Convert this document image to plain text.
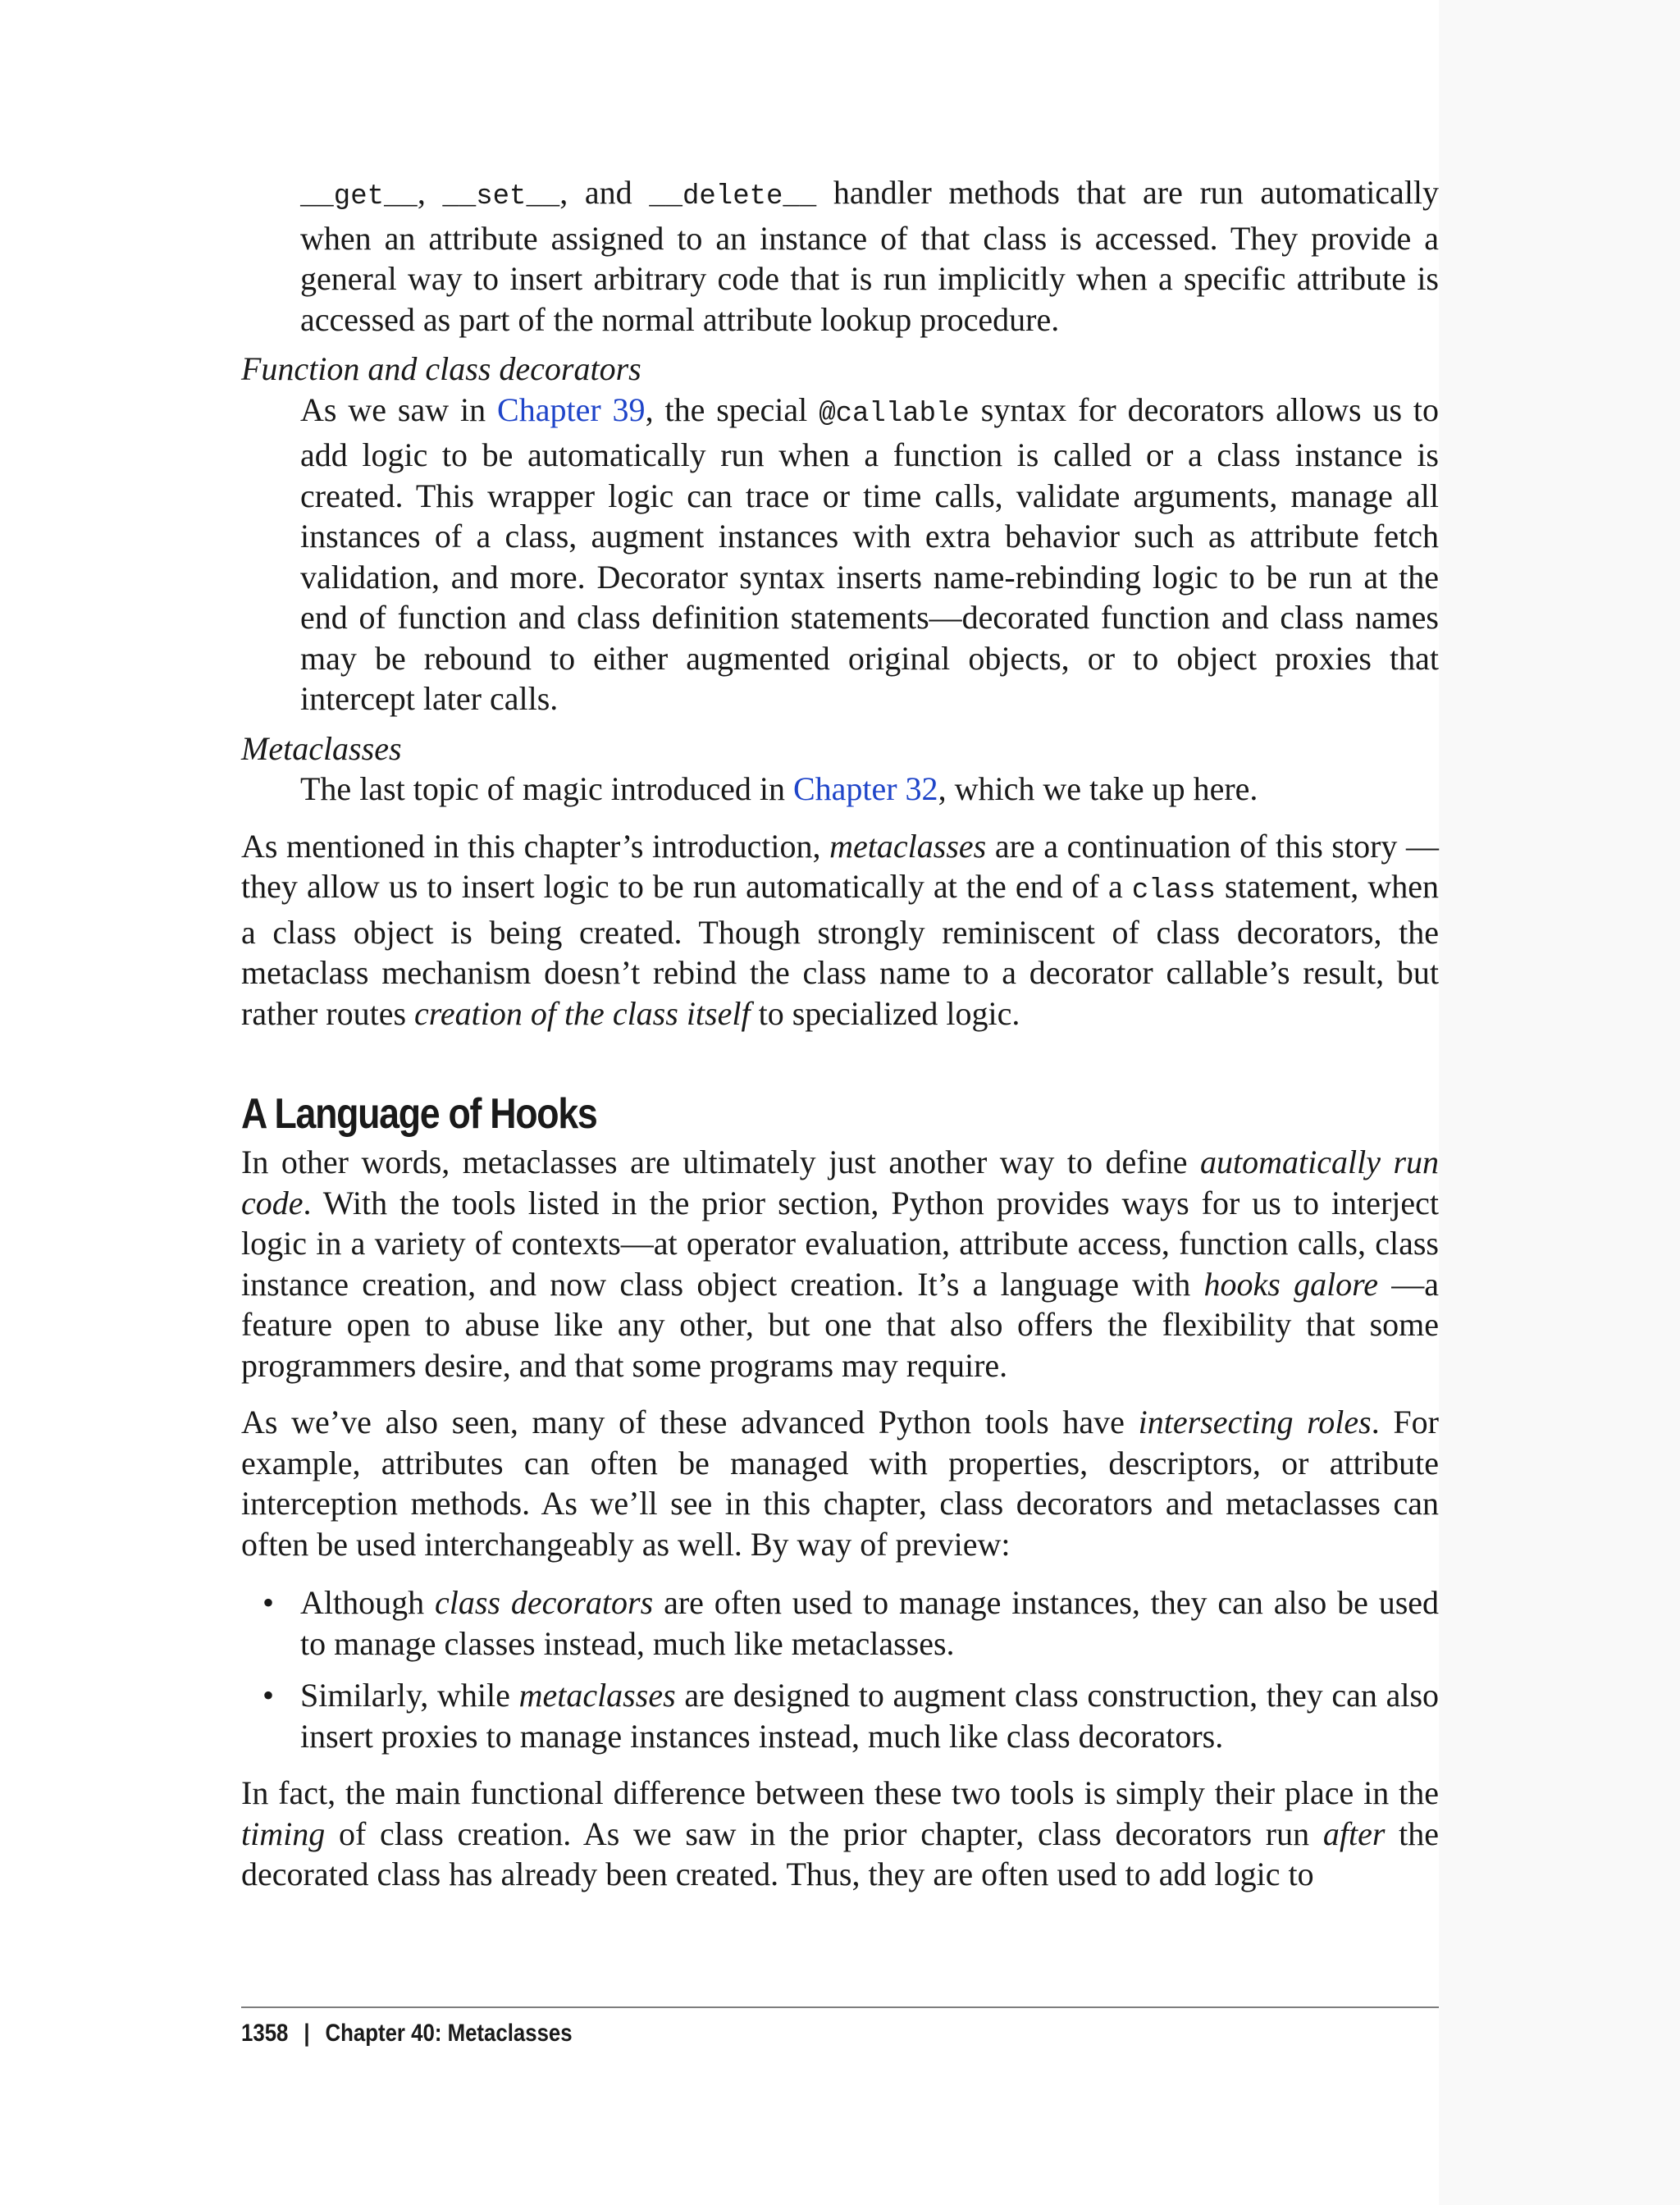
__get__, __set__, and __delete__ handler methods that are run automatically when an attribute assigned to an instance of that class is accessed. They provide a general way to insert arbitrary code that is run implicitly when a specific attribute is accessed as part of the normal attribute lookup procedure.

Function and class decorators

As we saw in Chapter 39, the special @callable syntax for decorators allows us to add logic to be automatically run when a function is called or a class instance is created. This wrapper logic can trace or time calls, validate arguments, manage all instances of a class, augment instances with extra behavior such as attribute fetch validation, and more. Decorator syntax inserts name-rebinding logic to be run at the end of function and class definition statements—decorated function and class names may be rebound to either augmented original objects, or to object proxies that intercept later calls.

Metaclasses

The last topic of magic introduced in Chapter 32, which we take up here.

As mentioned in this chapter’s introduction, metaclasses are a continuation of this story —they allow us to insert logic to be run automatically at the end of a class statement, when a class object is being created. Though strongly reminiscent of class decorators, the metaclass mechanism doesn’t rebind the class name to a decorator callable’s result, but rather routes creation of the class itself to specialized logic.

A Language of Hooks

In other words, metaclasses are ultimately just another way to define automatically run code. With the tools listed in the prior section, Python provides ways for us to interject logic in a variety of contexts—at operator evaluation, attribute access, function calls, class instance creation, and now class object creation. It’s a language with hooks galore —a feature open to abuse like any other, but one that also offers the flexibility that some programmers desire, and that some programs may require.

As we’ve also seen, many of these advanced Python tools have intersecting roles. For example, attributes can often be managed with properties, descriptors, or attribute interception methods. As we’ll see in this chapter, class decorators and metaclasses can often be used interchangeably as well. By way of preview:

• Although class decorators are often used to manage instances, they can also be used to manage classes instead, much like metaclasses.
• Similarly, while metaclasses are designed to augment class construction, they can also insert proxies to manage instances instead, much like class decorators.

In fact, the main functional difference between these two tools is simply their place in the timing of class creation. As we saw in the prior chapter, class decorators run after the decorated class has already been created. Thus, they are often used to add logic to

1358 | Chapter 40: Metaclasses
